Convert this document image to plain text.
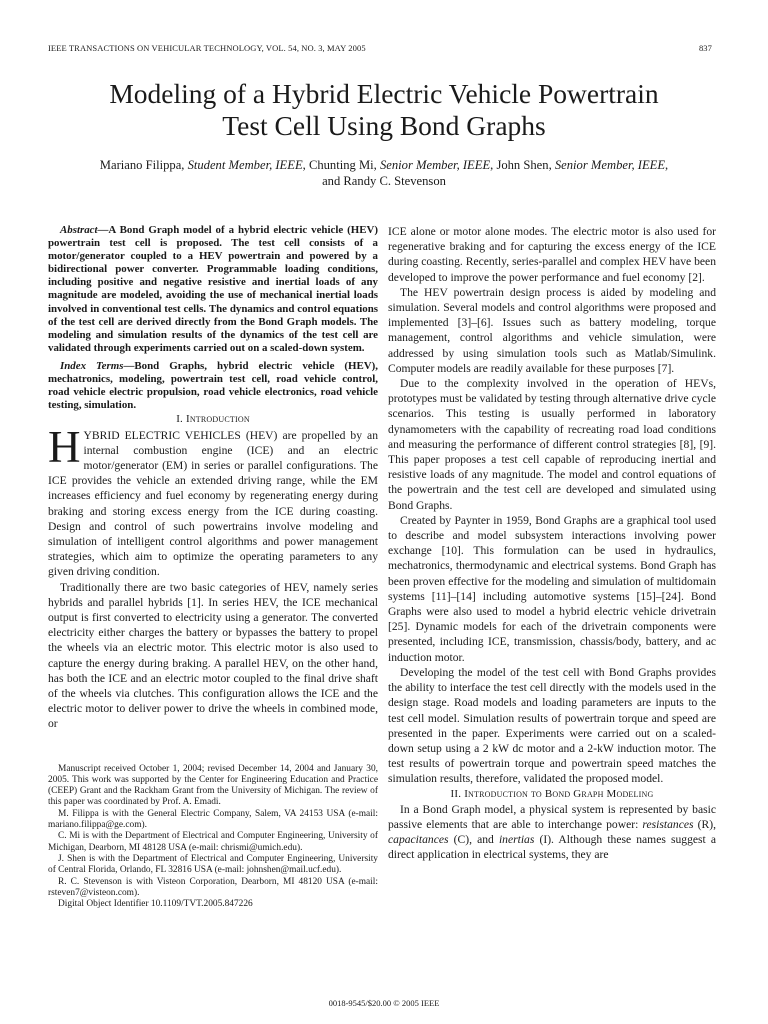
IEEE TRANSACTIONS ON VEHICULAR TECHNOLOGY, VOL. 54, NO. 3, MAY 2005	837
Modeling of a Hybrid Electric Vehicle Powertrain
Test Cell Using Bond Graphs
Mariano Filippa, Student Member, IEEE, Chunting Mi, Senior Member, IEEE, John Shen, Senior Member, IEEE,
and Randy C. Stevenson

Abstract—A Bond Graph model of a hybrid electric vehicle (HEV) powertrain test cell is proposed. The test cell consists of a motor/generator coupled to a HEV powertrain and powered by a bidirectional power converter. Programmable loading conditions, including positive and negative resistive and inertial loads of any magnitude are modeled, avoiding the use of mechanical inertial loads involved in conventional test cells. The dynamics and control equations of the test cell are derived directly from the Bond Graph models. The modeling and simulation results of the dynamics of the test cell are validated through experiments carried out on a scaled-down system.

Index Terms—Bond Graphs, hybrid electric vehicle (HEV), mechatronics, modeling, powertrain test cell, road vehicle control, road vehicle electric propulsion, road vehicle electronics, road vehicle testing, simulation.

I. Introduction

HYBRID ELECTRIC VEHICLES (HEV) are propelled by an internal combustion engine (ICE) and an electric motor/generator (EM) in series or parallel configurations. The ICE provides the vehicle an extended driving range, while the EM increases efficiency and fuel economy by regenerating energy during braking and storing excess energy from the ICE during coasting. Design and control of such powertrains involve modeling and simulation of intelligent control algorithms and power management strategies, which aim to optimize the operating parameters to any given driving condition.

Traditionally there are two basic categories of HEV, namely series hybrids and parallel hybrids [1]. In series HEV, the ICE mechanical output is first converted to electricity using a generator. The converted electricity either charges the battery or bypasses the battery to propel the wheels via an electric motor. This electric motor is also used to capture the energy during braking. A parallel HEV, on the other hand, has both the ICE and an electric motor coupled to the final drive shaft of the wheels via clutches. This configuration allows the ICE and the electric motor to deliver power to drive the wheels in combined mode, or

Manuscript received October 1, 2004; revised December 14, 2004 and January 30, 2005. This work was supported by the Center for Engineering Education and Practice (CEEP) Grant and the Rackham Grant from the University of Michigan. The review of this paper was coordinated by Prof. A. Emadi.

M. Filippa is with the General Electric Company, Salem, VA 24153 USA (e-mail: mariano.filippa@ge.com).

C. Mi is with the Department of Electrical and Computer Engineering, University of Michigan, Dearborn, MI 48128 USA (e-mail: chrismi@umich.edu).

J. Shen is with the Department of Electrical and Computer Engineering, University of Central Florida, Orlando, FL 32816 USA (e-mail: johnshen@mail.ucf.edu).

R. C. Stevenson is with Visteon Corporation, Dearborn, MI 48120 USA (e-mail: rsteven7@visteon.com).

Digital Object Identifier 10.1109/TVT.2005.847226

ICE alone or motor alone modes. The electric motor is also used for regenerative braking and for capturing the excess energy of the ICE during coasting. Recently, series-parallel and complex HEV have been developed to improve the power performance and fuel economy [2].

The HEV powertrain design process is aided by modeling and simulation. Several models and control algorithms were proposed and implemented [3]–[6]. Issues such as battery modeling, torque management, control algorithms and vehicle simulation, were addressed by using simulation tools such as Matlab/Simulink. Computer models are readily available for these purposes [7].

Due to the complexity involved in the operation of HEVs, prototypes must be validated by testing through alternative drive cycle scenarios. This testing is usually performed in laboratory dynamometers with the capability of recreating road load conditions and measuring the performance of different control strategies [8], [9]. This paper proposes a test cell capable of reproducing inertial and resistive loads of any magnitude. The model and control equations of the powertrain and the test cell are developed and simulated using Bond Graphs.

Created by Paynter in 1959, Bond Graphs are a graphical tool used to describe and model subsystem interactions involving power exchange [10]. This formulation can be used in hydraulics, mechatronics, thermodynamic and electrical systems. Bond Graph has been proven effective for the modeling and simulation of multidomain systems [11]–[14] including automotive systems [15]–[24]. Bond Graphs were also used to model a hybrid electric vehicle drivetrain [25]. Dynamic models for each of the drivetrain components were presented, including ICE, transmission, chassis/body, battery, and ac induction motor.

Developing the model of the test cell with Bond Graphs provides the ability to interface the test cell directly with the models used in the design stage. Road models and loading parameters are inputs to the test cell model. Simulation results of powertrain torque and speed are presented in the paper. Experiments were carried out on a scaled-down setup using a 2 kW dc motor and a 2-kW induction motor. The test results of powertrain torque and powertrain speed matches the simulation results, therefore, validated the proposed model.

II. Introduction to Bond Graph Modeling

In a Bond Graph model, a physical system is represented by basic passive elements that are able to interchange power: resistances (R), capacitances (C), and inertias (I). Although these names suggest a direct application in electrical systems, they are

0018-9545/$20.00 © 2005 IEEE
